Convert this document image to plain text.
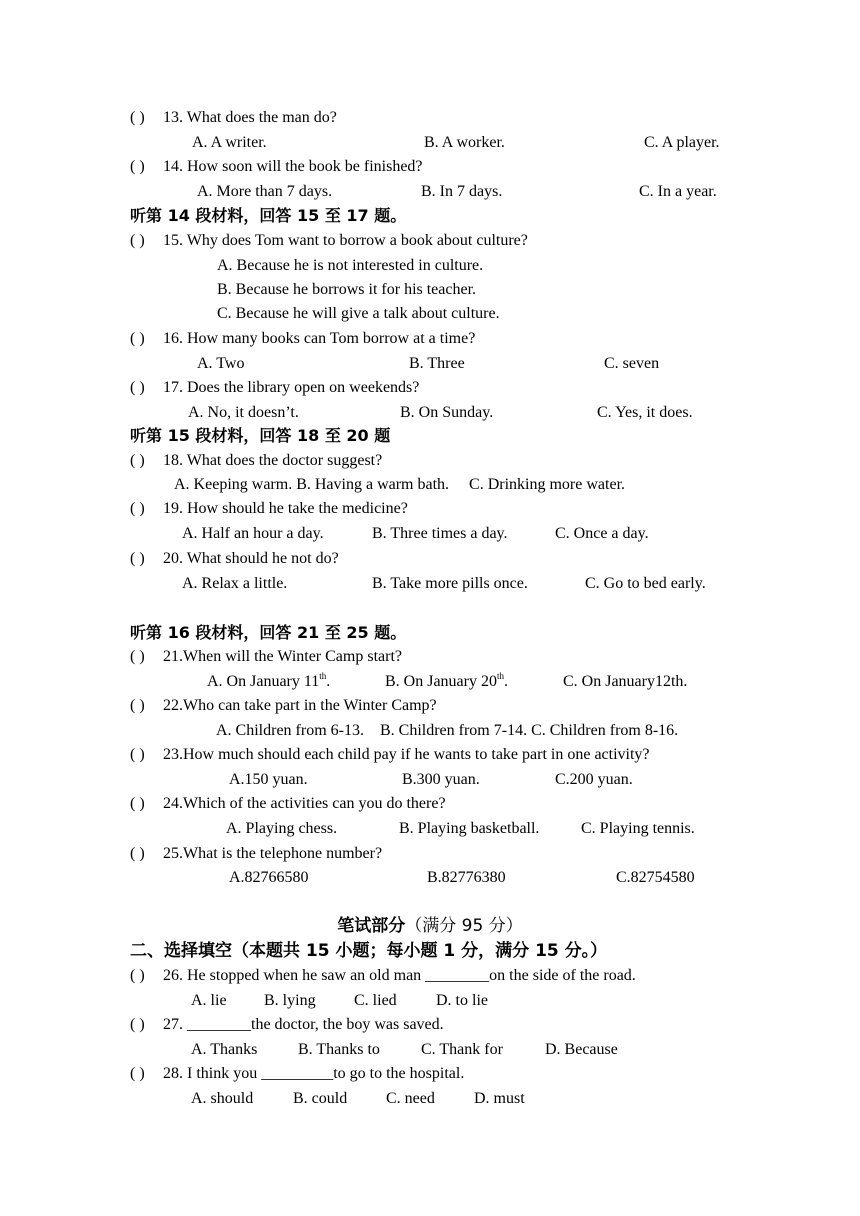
( ) 13. What does the man do?
A. A writer.	B. A worker.	C. A player.
( ) 14. How soon will the book be finished?
A. More than 7 days.	B. In 7 days.	C. In a year.
听第 14 段材料，回答 15 至 17 题。
( ) 15. Why does Tom want to borrow a book about culture?
A. Because he is not interested in culture.
B. Because he borrows it for his teacher.
C. Because he will give a talk about culture.
( ) 16. How many books can Tom borrow at a time?
A. Two	B. Three	C. seven
( ) 17. Does the library open on weekends?
A. No, it doesn’t.	B. On Sunday.	C. Yes, it does.
听第 15 段材料，回答 18 至 20 题
( ) 18. What does the doctor suggest?
A. Keeping warm. B. Having a warm bath.     C. Drinking more water.
( ) 19. How should he take the medicine?
A. Half an hour a day.	B. Three times a day.	C. Once a day.
( ) 20. What should he not do?
A. Relax a little.	B. Take more pills once.	C. Go to bed early.
听第 16 段材料，回答 21 至 25 题。
( ) 21.When will the Winter Camp start?
A. On January 11th.	B. On January 20th.	C. On January12th.
( ) 22.Who can take part in the Winter Camp?
A. Children from 6-13.    B. Children from 7-14. C. Children from 8-16.
( ) 23.How much should each child pay if he wants to take part in one activity?
A.150 yuan.	B.300 yuan.	C.200 yuan.
( ) 24.Which of the activities can you do there?
A. Playing chess.	B. Playing basketball.	C. Playing tennis.
( ) 25.What is the telephone number?
A.82766580	B.82776380	C.82754580
笔试部分（满分 95 分）
二、选择填空（本题共 15 小题；每小题 1 分，满分 15 分。）
( ) 26. He stopped when he saw an old man ________on the side of the road.
A. lie B. lying C. lied D. to lie
( ) 27. ________the doctor, the boy was saved.
A. Thanks	B. Thanks to	C. Thank for	D. Because
( ) 28. I think you _________to go to the hospital.
A. should B. could C. need D. must
